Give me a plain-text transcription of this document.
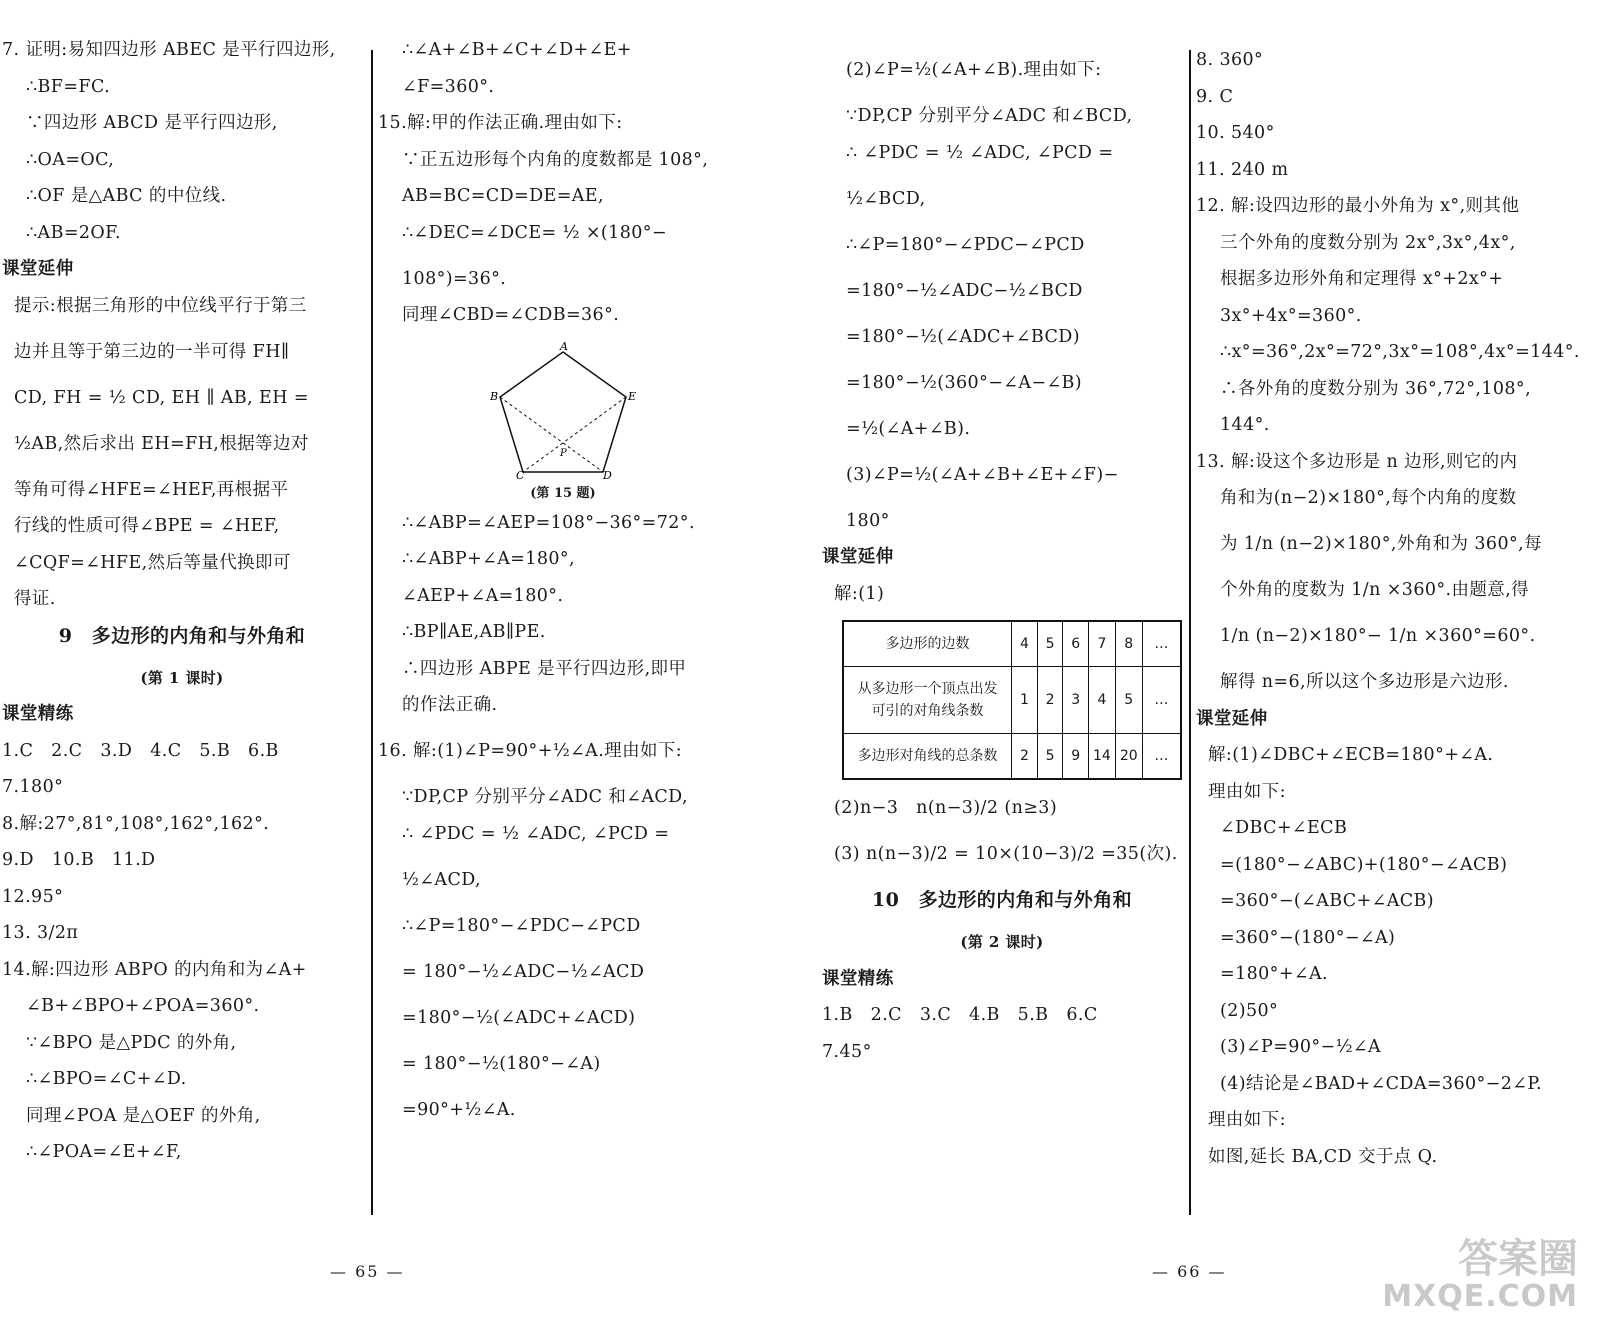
7. 证明:易知四边形 ABEC 是平行四边形,
∴BF=FC.
∵四边形 ABCD 是平行四边形,
∴OA=OC,
∴OF 是△ABC 的中位线.
∴AB=2OF.
课堂延伸
提示:根据三角形的中位线平行于第三
边并且等于第三边的一半可得 FH∥
CD, FH = ½ CD, EH ∥ AB, EH =
½AB,然后求出 EH=FH,根据等边对
等角可得∠HFE=∠HEF,再根据平
行线的性质可得∠BPE = ∠HEF,
∠CQF=∠HFE,然后等量代换即可
得证.
9　多边形的内角和与外角和
(第 1 课时)
课堂精练
1.C　2.C　3.D　4.C　5.B　6.B
7.180°
8.解:27°,81°,108°,162°,162°.
9.D　10.B　11.D
12.95°
13. 3/2π
14.解:四边形 ABPO 的内角和为∠A+
∠B+∠BPO+∠POA=360°.
∵∠BPO 是△PDC 的外角,
∴∠BPO=∠C+∠D.
同理∠POA 是△OEF 的外角,
∴∠POA=∠E+∠F,
∴∠A+∠B+∠C+∠D+∠E+
∠F=360°.
15.解:甲的作法正确.理由如下:
∵正五边形每个内角的度数都是 108°,
AB=BC=CD=DE=AE,
∴∠DEC=∠DCE= ½ ×(180°−
108°)=36°.
同理∠CBD=∠CDB=36°.
A
B	E
C	D
P
(第 15 题)
∴∠ABP=∠AEP=108°−36°=72°.
∴∠ABP+∠A=180°,
∠AEP+∠A=180°.
∴BP∥AE,AB∥PE.
∴四边形 ABPE 是平行四边形,即甲
的作法正确.
16. 解:(1)∠P=90°+½∠A.理由如下:
∵DP,CP 分别平分∠ADC 和∠ACD,
∴ ∠PDC = ½ ∠ADC, ∠PCD =
½∠ACD,
∴∠P=180°−∠PDC−∠PCD
= 180°−½∠ADC−½∠ACD
=180°−½(∠ADC+∠ACD)
= 180°−½(180°−∠A)
=90°+½∠A.
— 65 —
(2)∠P=½(∠A+∠B).理由如下:
∵DP,CP 分别平分∠ADC 和∠BCD,
∴ ∠PDC = ½ ∠ADC, ∠PCD =
½∠BCD,
∴∠P=180°−∠PDC−∠PCD
=180°−½∠ADC−½∠BCD
=180°−½(∠ADC+∠BCD)
=180°−½(360°−∠A−∠B)
=½(∠A+∠B).
(3)∠P=½(∠A+∠B+∠E+∠F)−
180°
课堂延伸
解:(1)
多边形的边数	4	5	6	7	8	…

从多边形一个顶点出发
可引的对角线条数	1	2	3	4	5	…
多边形对角线的总条数	2	5	9	14	20	…
(2)n−3　n(n−3)/2 (n≥3)
(3) n(n−3)/2 = 10×(10−3)/2 =35(次).
10　多边形的内角和与外角和
(第 2 课时)
课堂精练
1.B　2.C　3.C　4.B　5.B　6.C
7.45°
8. 360°
9. C
10. 540°
11. 240 m
12. 解:设四边形的最小外角为 x°,则其他
三个外角的度数分别为 2x°,3x°,4x°,
根据多边形外角和定理得 x°+2x°+
3x°+4x°=360°.
∴x°=36°,2x°=72°,3x°=108°,4x°=144°.
∴各外角的度数分别为 36°,72°,108°,
144°.
13. 解:设这个多边形是 n 边形,则它的内
角和为(n−2)×180°,每个内角的度数
为 1/n (n−2)×180°,外角和为 360°,每
个外角的度数为 1/n ×360°.由题意,得
1/n (n−2)×180°− 1/n ×360°=60°.
解得 n=6,所以这个多边形是六边形.
课堂延伸
解:(1)∠DBC+∠ECB=180°+∠A.
理由如下:
∠DBC+∠ECB
=(180°−∠ABC)+(180°−∠ACB)
=360°−(∠ABC+∠ACB)
=360°−(180°−∠A)
=180°+∠A.
(2)50°
(3)∠P=90°−½∠A
(4)结论是∠BAD+∠CDA=360°−2∠P.
理由如下:
如图,延长 BA,CD 交于点 Q.
— 66 —	答案圈
MXQE.COM
